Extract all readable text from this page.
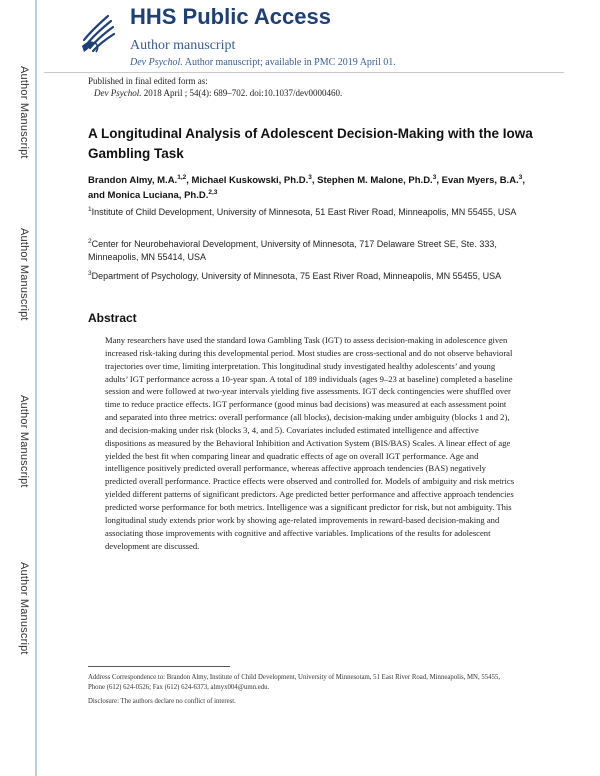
Author Manuscript
Author Manuscript
Author Manuscript
Author Manuscript
HHS Public Access
Author manuscript
Dev Psychol. Author manuscript; available in PMC 2019 April 01.
Published in final edited form as:
Dev Psychol. 2018 April ; 54(4): 689–702. doi:10.1037/dev0000460.
A Longitudinal Analysis of Adolescent Decision-Making with the Iowa Gambling Task
Brandon Almy, M.A.$^{1,2}$, Michael Kuskowski, Ph.D.$^3$, Stephen M. Malone, Ph.D.$^3$, Evan Myers, B.A.$^3$, and Monica Luciana, Ph.D.$^{2,3}$
$^1$Institute of Child Development, University of Minnesota, 51 East River Road, Minneapolis, MN 55455, USA
$^2$Center for Neurobehavioral Development, University of Minnesota, 717 Delaware Street SE, Ste. 333, Minneapolis, MN 55414, USA
$^3$Department of Psychology, University of Minnesota, 75 East River Road, Minneapolis, MN 55455, USA
Abstract
Many researchers have used the standard Iowa Gambling Task (IGT) to assess decision-making in adolescence given increased risk-taking during this developmental period. Most studies are cross-sectional and do not observe behavioral trajectories over time, limiting interpretation. This longitudinal study investigated healthy adolescents’ and young adults’ IGT performance across a 10-year span. A total of 189 individuals (ages 9–23 at baseline) completed a baseline session and were followed at two-year intervals yielding five assessments. IGT deck contingencies were shuffled over time to reduce practice effects. IGT performance (good minus bad decisions) was measured at each assessment point and separated into three metrics: overall performance (all blocks), decision-making under ambiguity (blocks 1 and 2), and decision-making under risk (blocks 3, 4, and 5). Covariates included estimated intelligence and affective dispositions as measured by the Behavioral Inhibition and Activation System (BIS/BAS) Scales. A linear effect of age yielded the best fit when comparing linear and quadratic effects of age on overall IGT performance. Age and intelligence positively predicted overall performance, whereas affective approach tendencies (BAS) negatively predicted overall performance. Practice effects were observed and controlled for. Models of ambiguity and risk metrics yielded different patterns of significant predictors. Age predicted better performance and affective approach tendencies predicted worse performance for both metrics. Intelligence was a significant predictor for risk, but not ambiguity. This longitudinal study extends prior work by showing age-related improvements in reward-based decision-making and associating those improvements with cognitive and affective variables. Implications of the results for adolescent development are discussed.
Address Correspondence to: Brandon Almy, Institute of Child Development, University of Minnesotam, 51 East River Road, Minneapolis, MN, 55455, Phone (612) 624-0526; Fax (612) 624-6373, almyx004@umn.edu.
Disclosure: The authors declare no conflict of interest.
